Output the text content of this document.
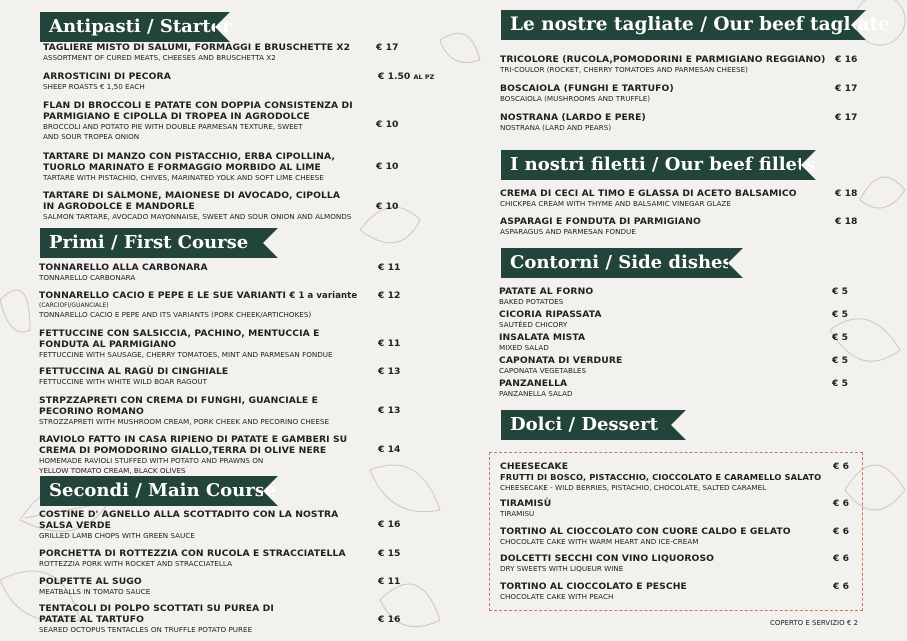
Antipasti / Starter
TAGLIERE MISTO DI SALUMI, FORMAGGI E BRUSCHETTE X2
ASSORTMENT OF CURED MEATS, CHEESES AND BRUSCHETTA X2
€ 17
ARROSTICINI DI PECORA
SHEEP ROASTS € 1,50 EACH
€ 1.50 AL PZ
FLAN DI BROCCOLI E PATATE CON DOPPIA CONSISTENZA DI PARMIGIANO E CIPOLLA DI TROPEA IN AGRODOLCE
BROCCOLI AND POTATO PIE WITH DOUBLE PARMESAN TEXTURE, SWEET AND SOUR TROPEA ONION
€ 10
TARTARE DI MANZO CON PISTACCHIO, ERBA CIPOLLINA, TUORLO MARINATO E FORMAGGIO MORBIDO AL LIME
TARTARE WITH PISTACHIO, CHIVES, MARINATED YOLK AND SOFT LIME CHEESE
€ 10
TARTARE DI SALMONE, MAIONESE DI AVOCADO, CIPOLLA IN AGRODOLCE E MANDORLE
SALMON TARTARE, AVOCADO MAYONNAISE, SWEET AND SOUR ONION AND ALMONDS
€ 10
Primi / First Course
TONNARELLO ALLA CARBONARA
TONNARELLO CARBONARA
€ 11
TONNARELLO CACIO E PEPE E LE SUE VARIANTI € 1 a variante
(CARCIOFI/GUANCIALE)
TONNARELLO CACIO E PEPE AND ITS VARIANTS (PORK CHEEK/ARTICHOKES)
€ 12
FETTUCCINE CON SALSICCIA, PACHINO, MENTUCCIA E FONDUTA AL PARMIGIANO
FETTUCCINE WITH SAUSAGE, CHERRY TOMATOES, MINT AND PARMESAN FONDUE
€ 11
FETTUCCINA AL RAGÙ DI CINGHIALE
FETTUCCINE WITH WHITE WILD BOAR RAGOUT
€ 13
STRPZZAPRETI CON CREMA DI FUNGHI, GUANCIALE E PECORINO ROMANO
STROZZAPRETI WITH MUSHROOM CREAM, PORK CHEEK AND PECORINO CHEESE
€ 13
RAVIOLO FATTO IN CASA RIPIENO DI PATATE E GAMBERI SU CREMA DI POMODORINO GIALLO,TERRA DI OLIVE NERE
HOMEMADE RAVIOLI STUFFED WITH POTATO AND PRAWNS ON YELLOW TOMATO CREAM, BLACK OLIVES
€ 14
Secondi / Main Course
COSTINE D' AGNELLO ALLA SCOTTADITO CON LA NOSTRA SALSA VERDE
GRILLED LAMB CHOPS WITH GREEN SAUCE
€ 16
PORCHETTA DI ROTTEZZIA CON RUCOLA E STRACCIATELLA
ROTTEZZIA PORK WITH ROCKET AND STRACCIATELLA
€ 15
POLPETTE AL SUGO
MEATBALLS IN TOMATO SAUCE
€ 11
TENTACOLI DI POLPO SCOTTATI SU PUREA DI PATATE AL TARTUFO
SEARED OCTOPUS TENTACLES ON TRUFFLE POTATO PUREE
€ 16
Le nostre tagliate / Our beef tagliate
TRICOLORE (RUCOLA,POMODORINI E PARMIGIANO REGGIANO)
TRI-COULOR (ROCKET, CHERRY TOMATOES AND PARMESAN CHEESE)
€ 16
BOSCAIOLA (FUNGHI E TARTUFO)
BOSCAIOLA (MUSHROOMS AND TRUFFLE)
€ 17
NOSTRANA (LARDO E PERE)
NOSTRANA (LARD AND PEARS)
€ 17
I nostri filetti / Our beef fillets
CREMA DI CECI AL TIMO E GLASSA DI ACETO BALSAMICO
CHICKPEA CREAM WITH THYME AND BALSAMIC VINEGAR GLAZE
€ 18
ASPARAGI E FONDUTA DI PARMIGIANO
ASPARAGUS AND PARMESAN FONDUE
€ 18
Contorni / Side dishes
PATATE AL FORNO
BAKED POTATOES
€ 5
CICORIA RIPASSATA
SAUTÉED CHICORY
€ 5
INSALATA MISTA
MIXED SALAD
€ 5
CAPONATA DI VERDURE
CAPONATA VEGETABLES
€ 5
PANZANELLA
PANZANELLA SALAD
€ 5
Dolci / Dessert
CHEESECAKE
FRUTTI DI BOSCO, PISTACCHIO, CIOCCOLATO E CARAMELLO SALATO
CHEESECAKE - WILD BERRIES, PISTACHIO, CHOCOLATE, SALTED CARAMEL
€ 6
TIRAMISÙ
TIRAMISU
€ 6
TORTINO AL CIOCCOLATO CON CUORE CALDO E GELATO
CHOCOLATE CAKE WITH WARM HEART AND ICE-CREAM
€ 6
DOLCETTI SECCHI CON VINO LIQUOROSO
DRY SWEETS WITH LIQUEUR WINE
€ 6
TORTINO AL CIOCCOLATO E PESCHE
CHOCOLATE CAKE WITH PEACH
€ 6
COPERTO E SERVIZIO € 2
